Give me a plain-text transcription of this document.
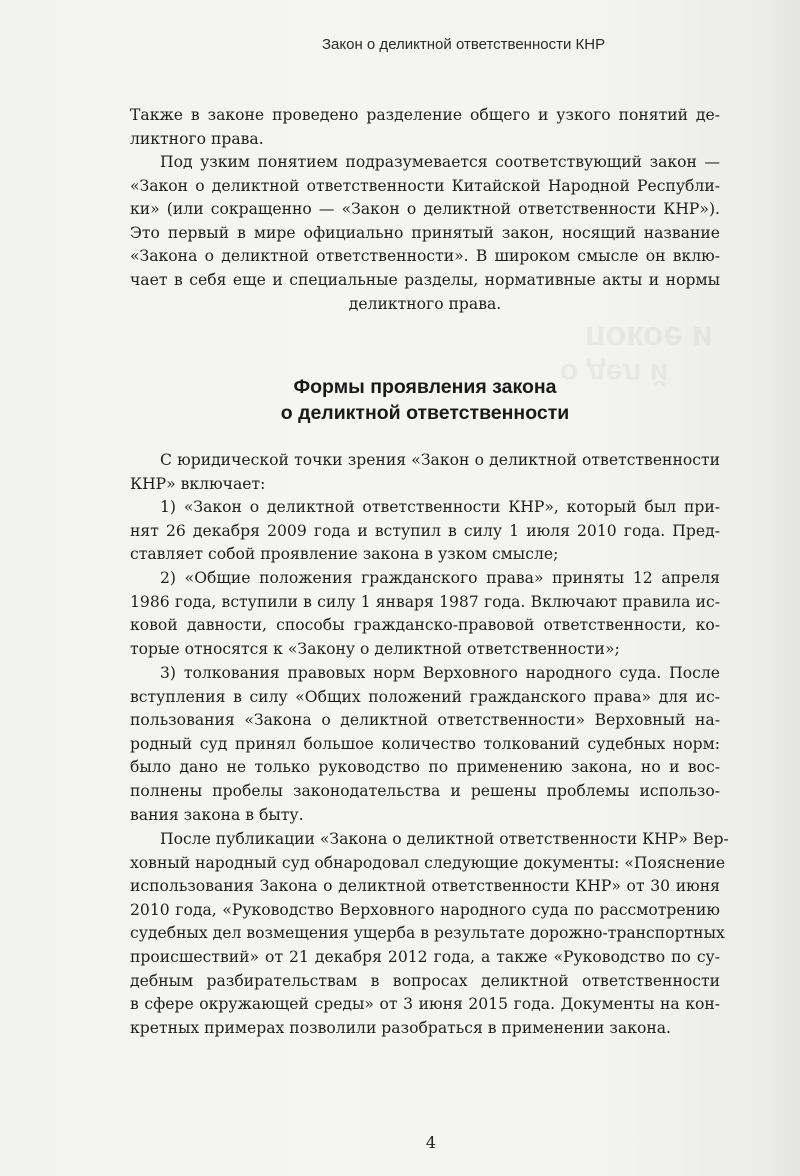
покое и
о дел й
Закон о деликтной ответственности КНР

Также в законе проведено разделение общего и узкого понятий де-
ликтного права.

Под узким понятием подразумевается соответствующий закон —
«Закон о деликтной ответственности Китайской Народной Республи-
ки» (или сокращенно — «Закон о деликтной ответственности КНР»).
Это первый в мире официально принятый закон, носящий название
«Закона о деликтной ответственности». В широком смысле он вклю-
чает в себя еще и специальные разделы, нормативные акты и нормы
деликтного права.

Формы проявления закона
о деликтной ответственности

С юридической точки зрения «Закон о деликтной ответственности
КНР» включает:

1) «Закон о деликтной ответственности КНР», который был при-
нят 26 декабря 2009 года и вступил в силу 1 июля 2010 года. Пред-
ставляет собой проявление закона в узком смысле;

2) «Общие положения гражданского права» приняты 12 апреля
1986 года, вступили в силу 1 января 1987 года. Включают правила ис-
ковой давности, способы гражданско-правовой ответственности, ко-
торые относятся к «Закону о деликтной ответственности»;

3) толкования правовых норм Верховного народного суда. После
вступления в силу «Общих положений гражданского права» для ис-
пользования «Закона о деликтной ответственности» Верховный на-
родный суд принял большое количество толкований судебных норм:
было дано не только руководство по применению закона, но и вос-
полнены пробелы законодательства и решены проблемы использо-
вания закона в быту.

После публикации «Закона о деликтной ответственности КНР» Вер-
ховный народный суд обнародовал следующие документы: «Пояснение
использования Закона о деликтной ответственности КНР» от 30 июня
2010 года, «Руководство Верховного народного суда по рассмотрению
судебных дел возмещения ущерба в результате дорожно-транспортных
происшествий» от 21 декабря 2012 года, а также «Руководство по су-
дебным разбирательствам в вопросах деликтной ответственности
в сфере окружающей среды» от 3 июня 2015 года. Документы на кон-
кретных примерах позволили разобраться в применении закона.

4
